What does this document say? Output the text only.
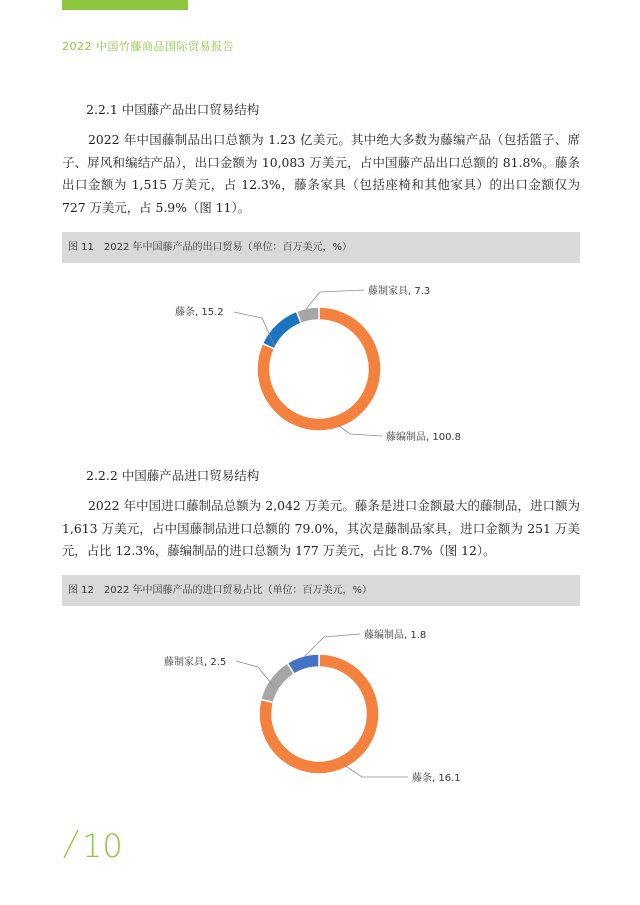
2022 中国竹藤商品国际贸易报告
2.2.1 中国藤产品出口贸易结构

2022 年中国藤制品出口总额为 1.23 亿美元。其中绝大多数为藤编产品（包括篮子、席子、屏风和编结产品），出口金额为 10,083 万美元，占中国藤产品出口总额的 81.8%。藤条出口金额为 1,515 万美元，占 12.3%，藤条家具（包括座椅和其他家具）的出口金额仅为 727 万美元，占 5.9%（图 11）。

图 11 2022 年中国藤产品的出口贸易（单位：百万美元，%）
藤编制品, 100.8
藤条, 15.2
藤制家具, 7.3
2.2.2 中国藤产品进口贸易结构

2022 年中国进口藤制品总额为 2,042 万美元。藤条是进口金额最大的藤制品，进口额为 1,613 万美元，占中国藤制品进口总额的 79.0%，其次是藤制品家具，进口金额为 251 万美元，占比 12.3%，藤编制品的进口总额为 177 万美元，占比 8.7%（图 12）。

图 12 2022 年中国藤产品的进口贸易占比（单位：百万美元，%）
藤条, 16.1
藤制家具, 2.5
藤编制品, 1.8
10
